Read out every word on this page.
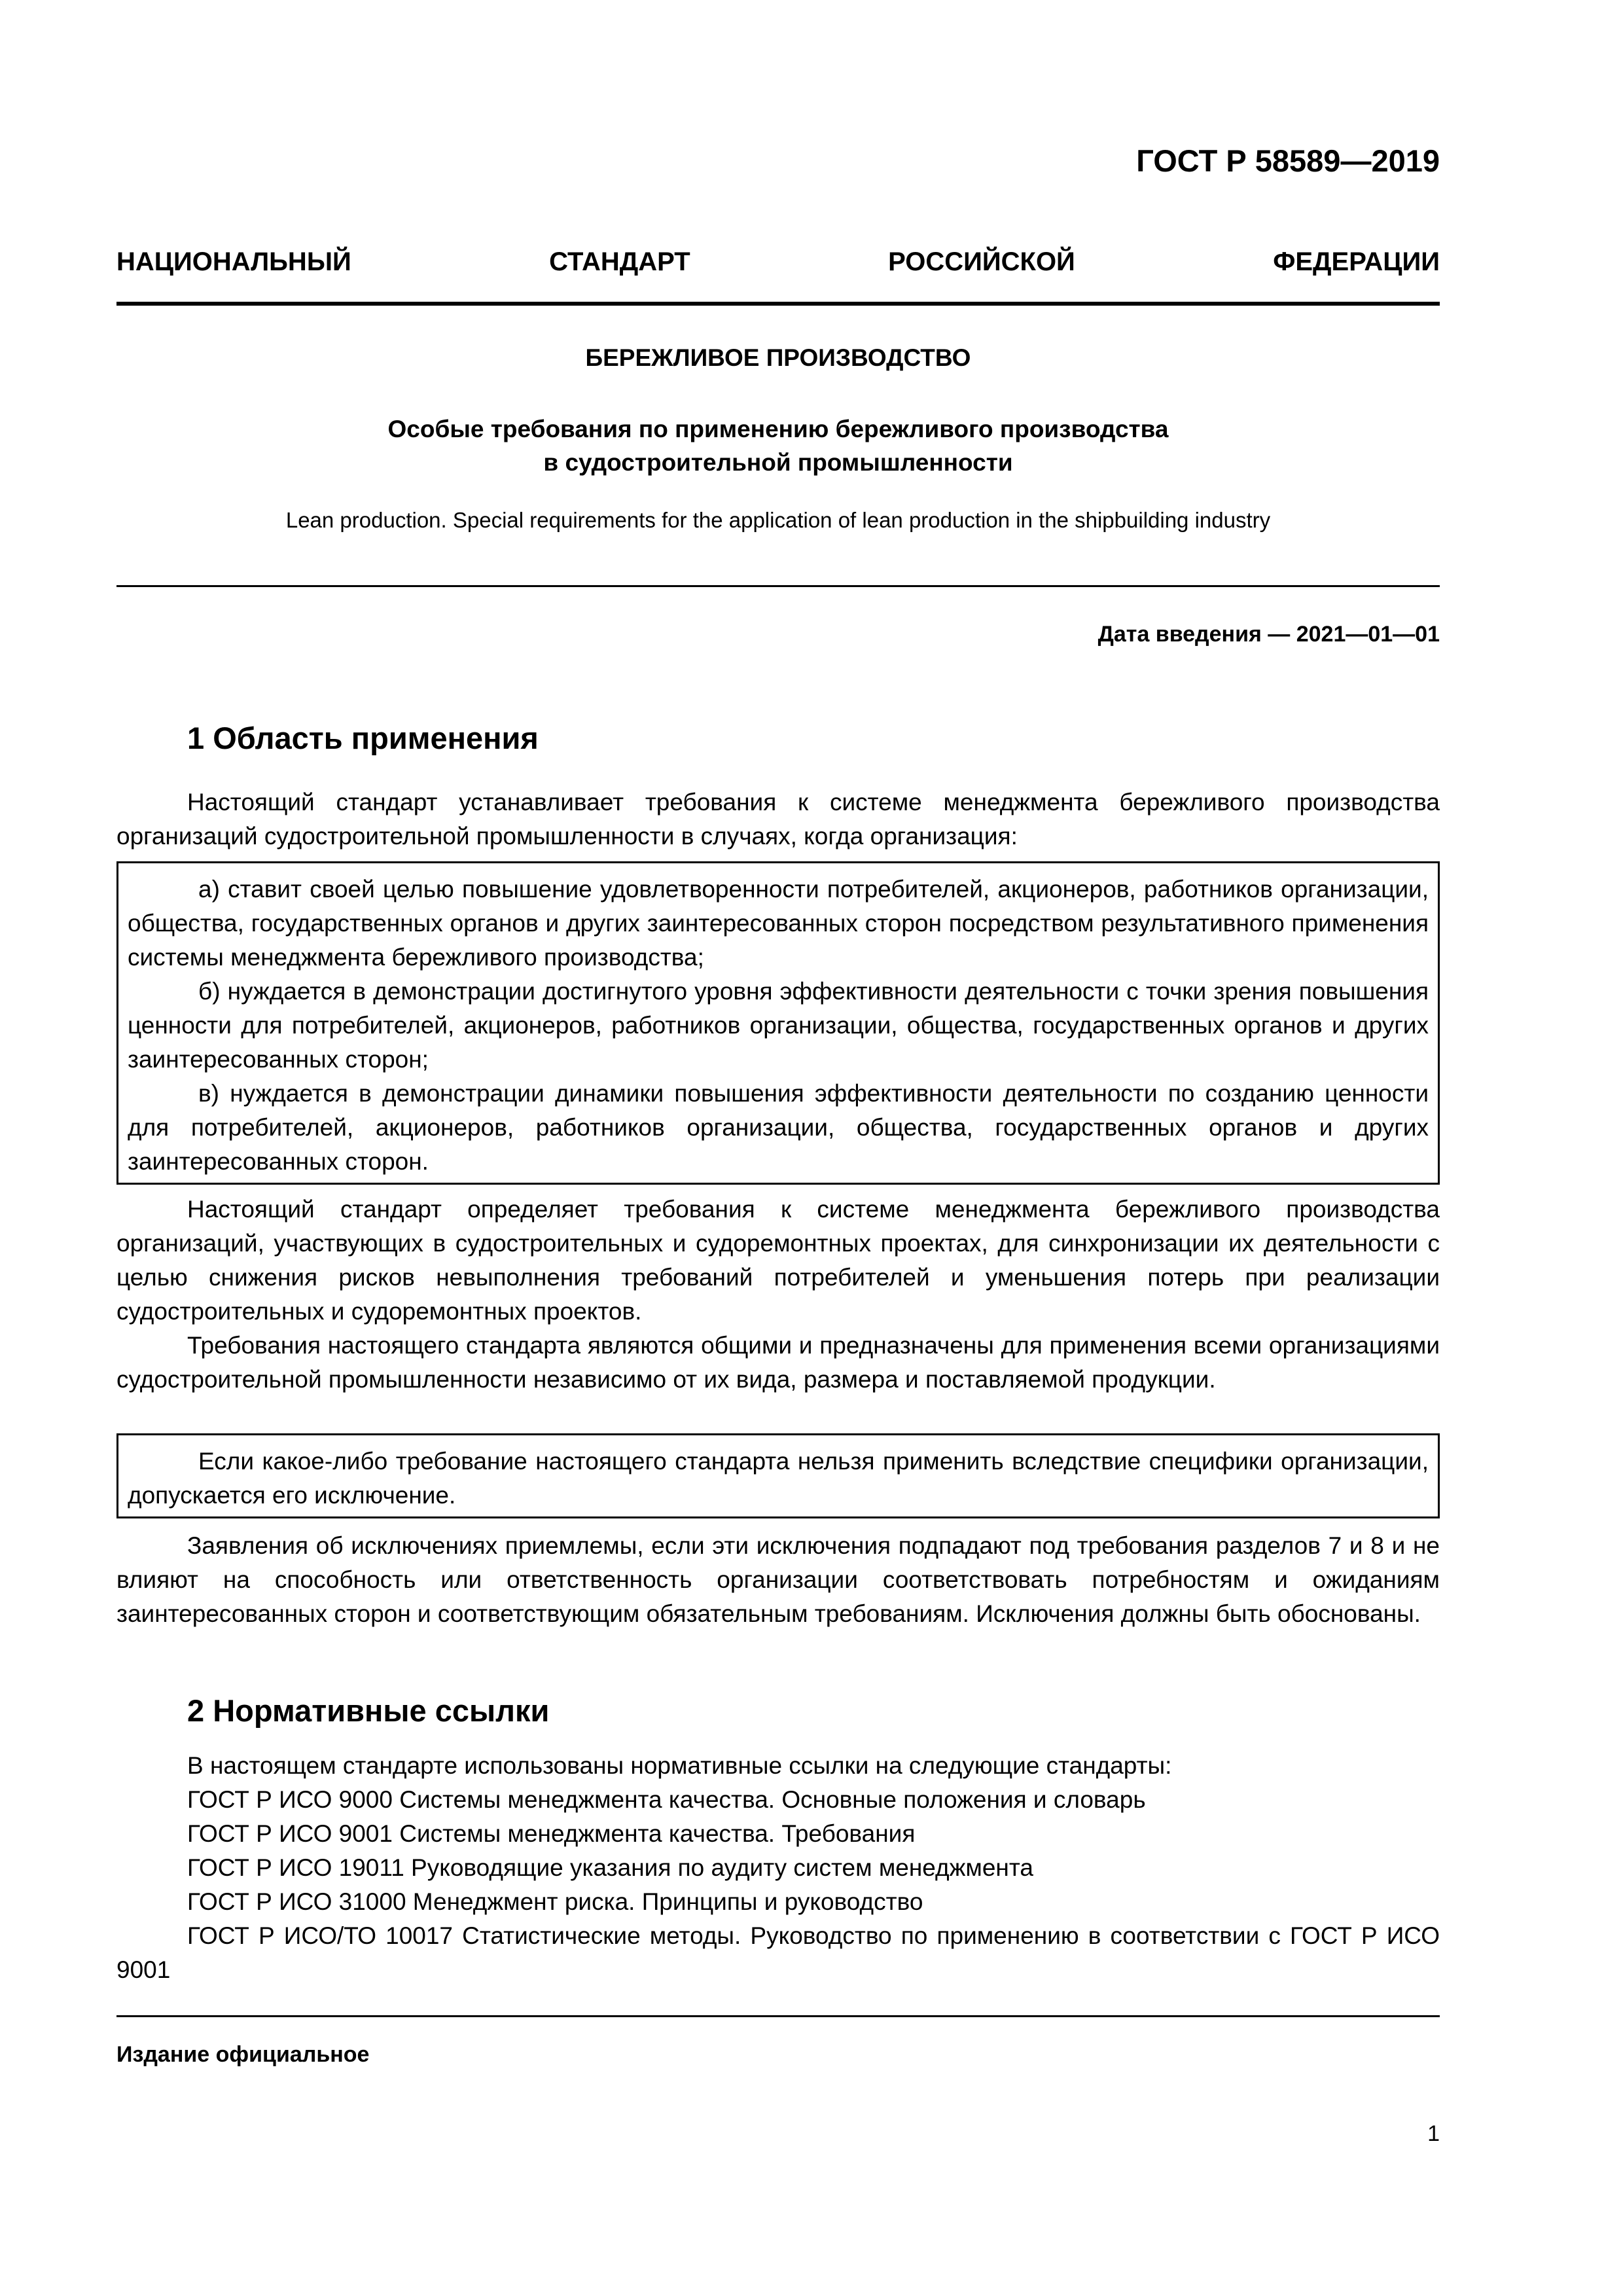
ГОСТ Р 58589—2019
НАЦИОНАЛЬНЫЙ СТАНДАРТ РОССИЙСКОЙ ФЕДЕРАЦИИ
БЕРЕЖЛИВОЕ ПРОИЗВОДСТВО
Особые требования по применению бережливого производства
в судостроительной промышленности
Lean production. Special requirements for the application of lean production in the shipbuilding industry
Дата введения — 2021—01—01
1 Область применения
Настоящий стандарт устанавливает требования к системе менеджмента бережливого производства организаций судостроительной промышленности в случаях, когда организация:
а) ставит своей целью повышение удовлетворенности потребителей, акционеров, работников организации, общества, государственных органов и других заинтересованных сторон посредством результативного применения системы менеджмента бережливого производства;
б) нуждается в демонстрации достигнутого уровня эффективности деятельности с точки зрения повышения ценности для потребителей, акционеров, работников организации, общества, государственных органов и других заинтересованных сторон;
в) нуждается в демонстрации динамики повышения эффективности деятельности по созданию ценности для потребителей, акционеров, работников организации, общества, государственных органов и других заинтересованных сторон.
Настоящий стандарт определяет требования к системе менеджмента бережливого производства организаций, участвующих в судостроительных и судоремонтных проектах, для синхронизации их деятельности с целью снижения рисков невыполнения требований потребителей и уменьшения потерь при реализации судостроительных и судоремонтных проектов.
Требования настоящего стандарта являются общими и предназначены для применения всеми организациями судостроительной промышленности независимо от их вида, размера и поставляемой продукции.
Если какое-либо требование настоящего стандарта нельзя применить вследствие специфики организации, допускается его исключение.
Заявления об исключениях приемлемы, если эти исключения подпадают под требования разделов 7 и 8 и не влияют на способность или ответственность организации соответствовать потребностям и ожиданиям заинтересованных сторон и соответствующим обязательным требованиям. Исключения должны быть обоснованы.
2 Нормативные ссылки
В настоящем стандарте использованы нормативные ссылки на следующие стандарты:
ГОСТ Р ИСО 9000 Системы менеджмента качества. Основные положения и словарь
ГОСТ Р ИСО 9001 Системы менеджмента качества. Требования
ГОСТ Р ИСО 19011 Руководящие указания по аудиту систем менеджмента
ГОСТ Р ИСО 31000 Менеджмент риска. Принципы и руководство
ГОСТ Р ИСО/ТО 10017 Статистические методы. Руководство по применению в соответствии с ГОСТ Р ИСО 9001
Издание официальное
1
